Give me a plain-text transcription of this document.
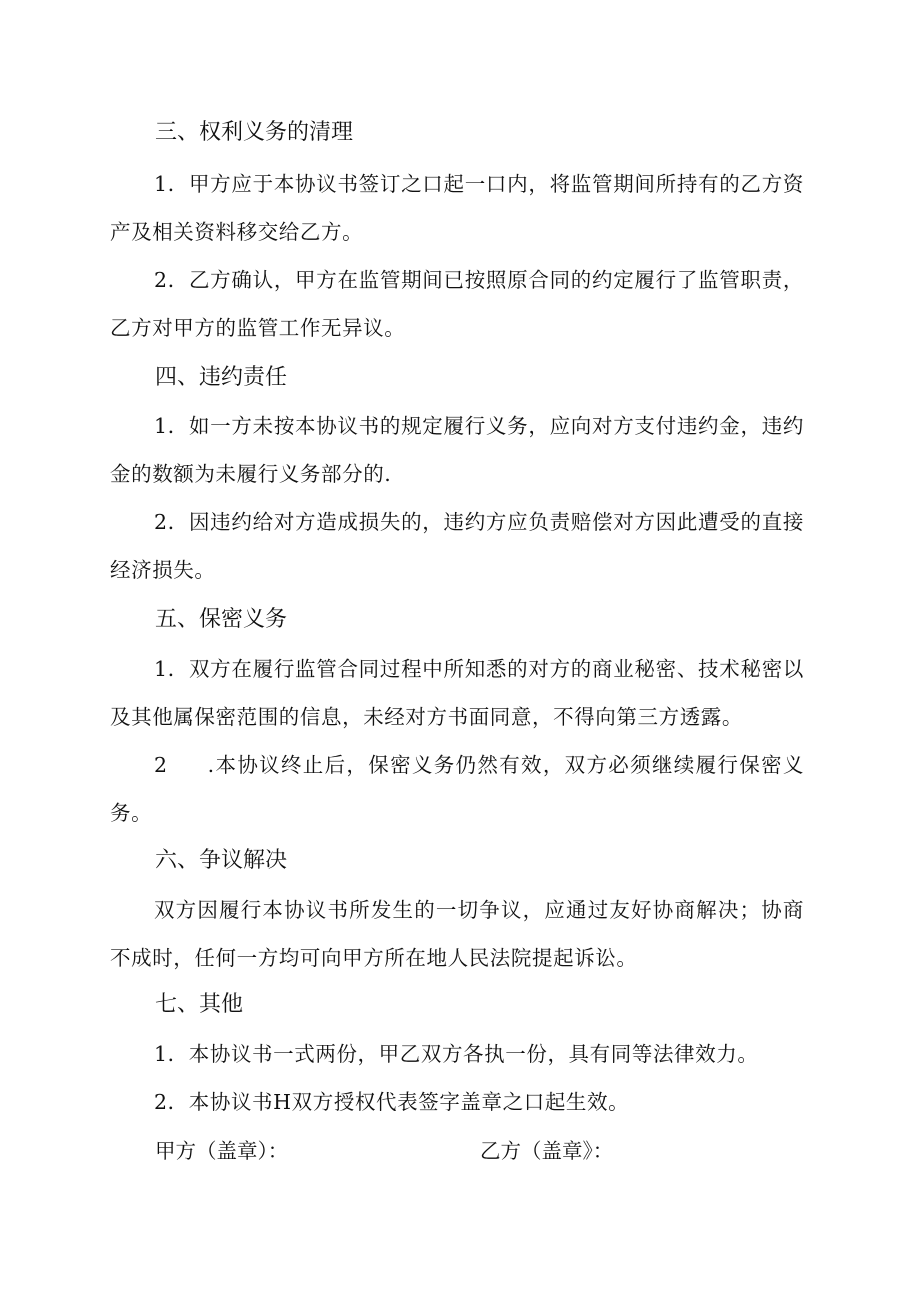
三、权利义务的清理
1．甲方应于本协议书签订之口起一口内，将监管期间所持有的乙方资产及相关资料移交给乙方。
2．乙方确认，甲方在监管期间已按照原合同的约定履行了监管职责，乙方对甲方的监管工作无异议。
四、违约责任
1．如一方未按本协议书的规定履行义务，应向对方支付违约金，违约金的数额为未履行义务部分的.
2．因违约给对方造成损失的，违约方应负责赔偿对方因此遭受的直接经济损失。
五、保密义务
1．双方在履行监管合同过程中所知悉的对方的商业秘密、技术秘密以及其他属保密范围的信息，未经对方书面同意，不得向第三方透露。
2 .本协议终止后，保密义务仍然有效，双方必须继续履行保密义务。
六、争议解决
双方因履行本协议书所发生的一切争议，应通过友好协商解决；协商不成时，任何一方均可向甲方所在地人民法院提起诉讼。
七、其他
1．本协议书一式两份，甲乙双方各执一份，具有同等法律效力。
2．本协议书H双方授权代表签字盖章之口起生效。
甲方（盖章）：	乙方（盖章》：
